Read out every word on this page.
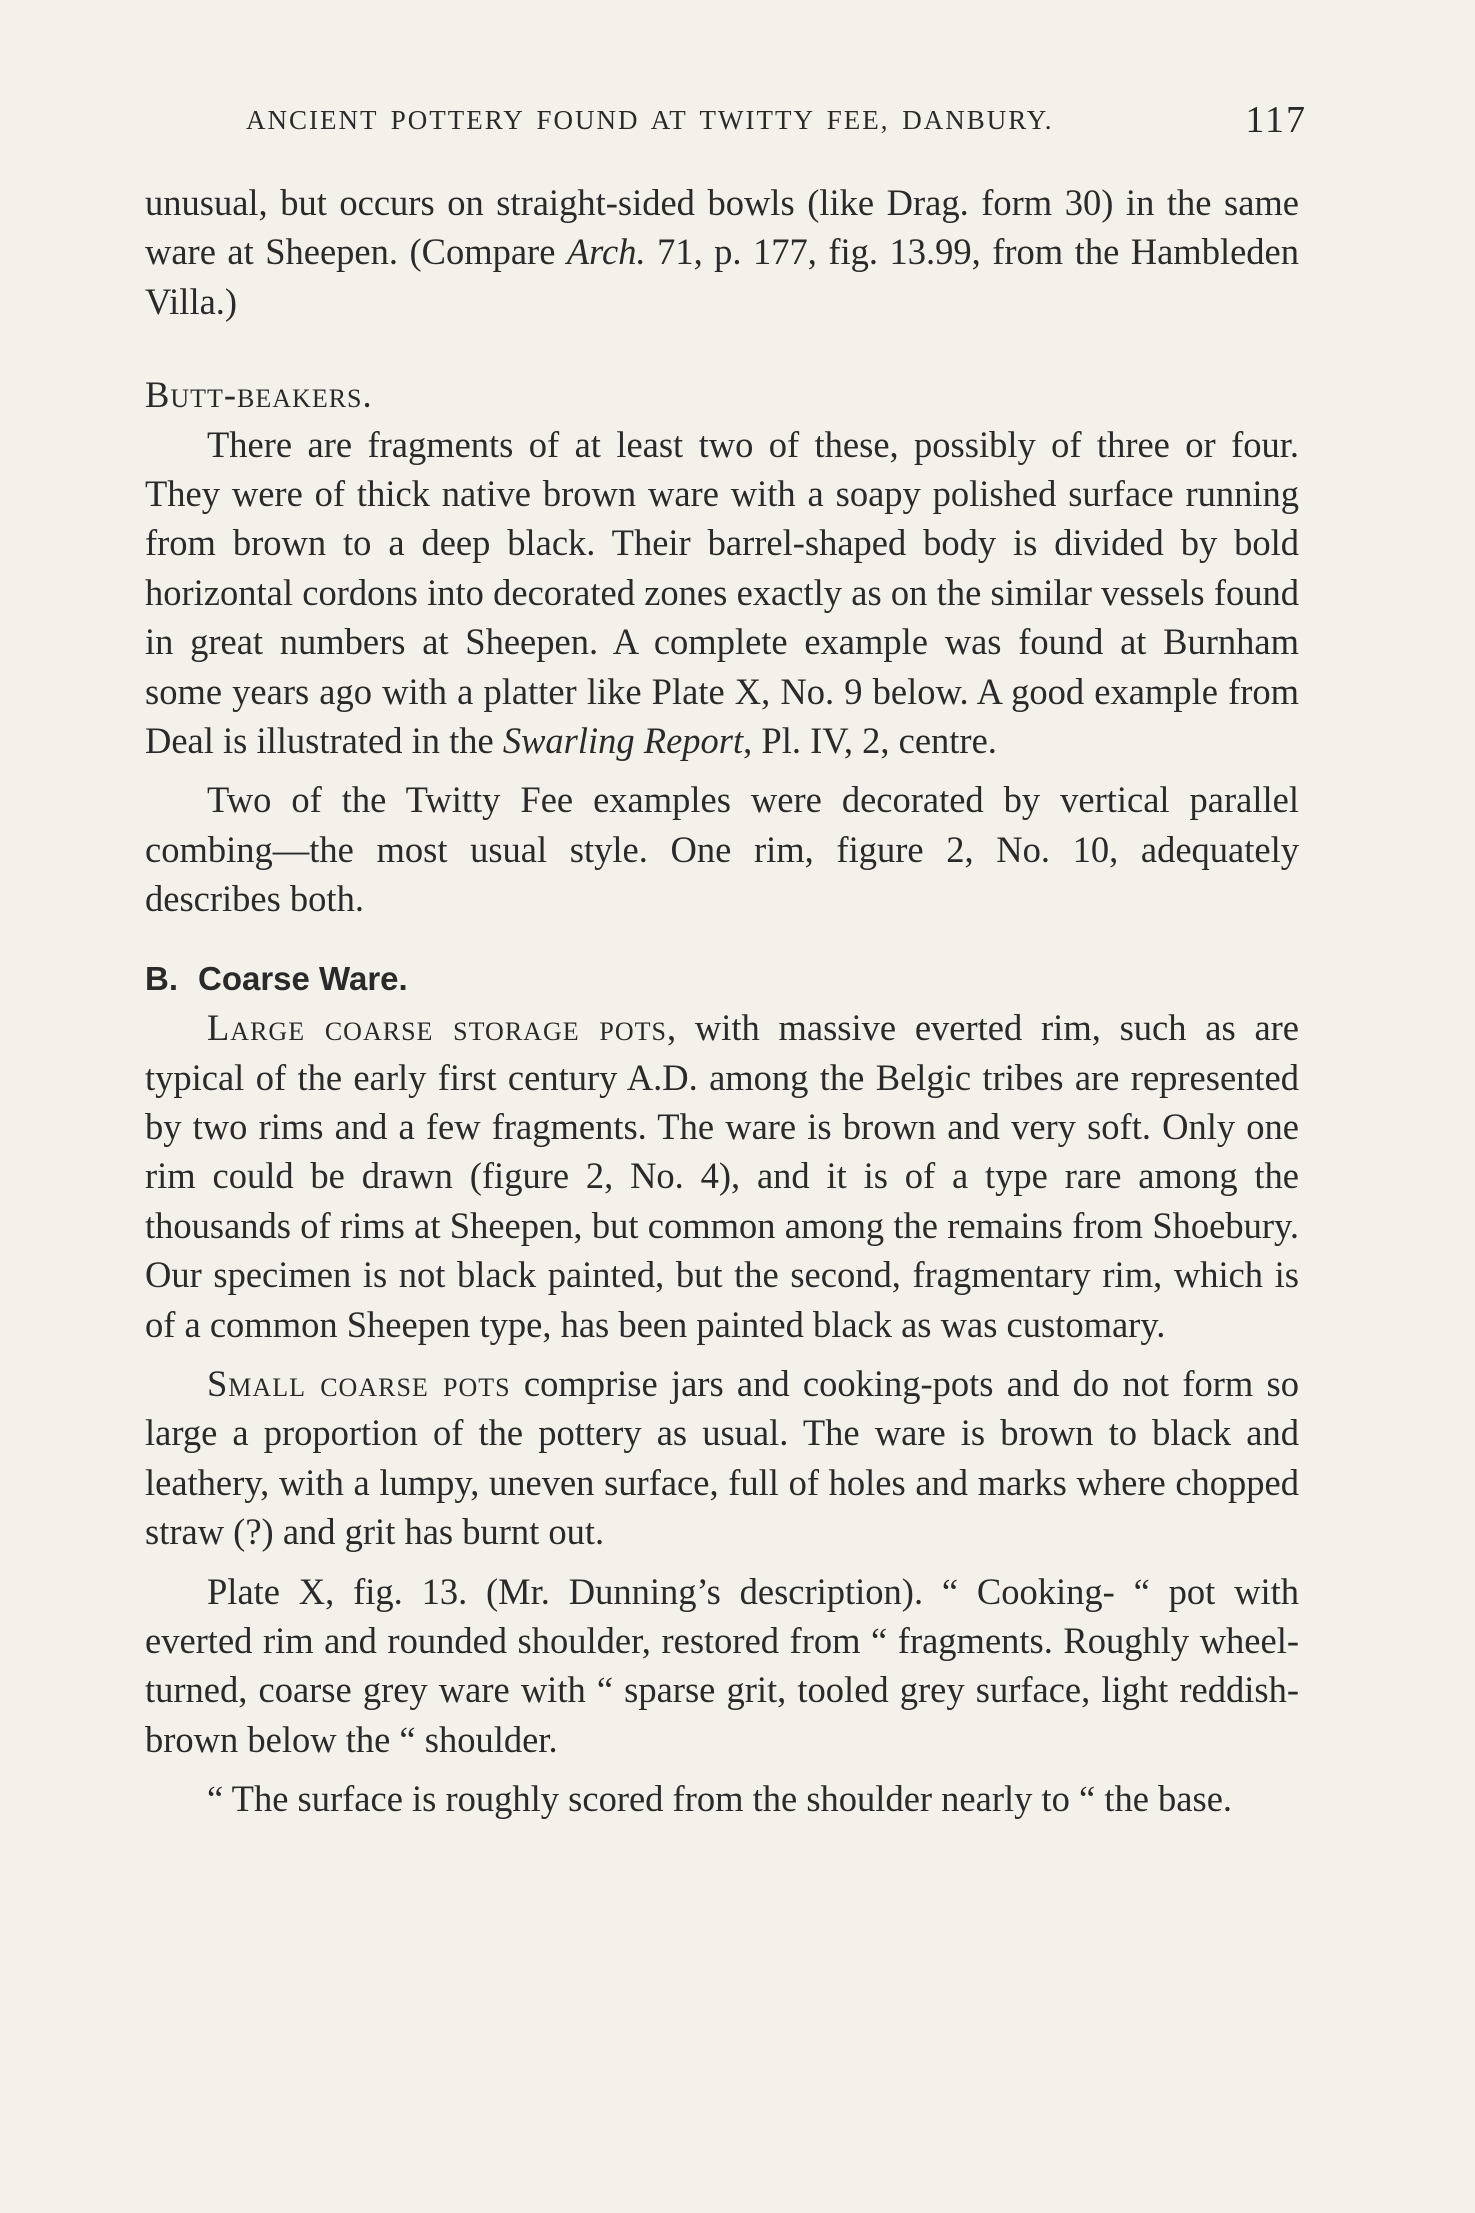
ANCIENT POTTERY FOUND AT TWITTY FEE, DANBURY.	117

unusual, but occurs on straight-sided bowls (like Drag. form 30) in the same ware at Sheepen. (Compare Arch. 71, p. 177, fig. 13.99, from the Hambleden Villa.)

Butt-beakers.

There are fragments of at least two of these, possibly of three or four. They were of thick native brown ware with a soapy polished surface running from brown to a deep black. Their barrel-shaped body is divided by bold horizontal cordons into decorated zones exactly as on the similar vessels found in great numbers at Sheepen. A complete example was found at Burnham some years ago with a platter like Plate X, No. 9 below. A good example from Deal is illustrated in the Swarling Report, Pl. IV, 2, centre.

Two of the Twitty Fee examples were decorated by vertical parallel combing—the most usual style. One rim, figure 2, No. 10, adequately describes both.

B. Coarse Ware.

Large coarse storage pots, with massive everted rim, such as are typical of the early first century A.D. among the Belgic tribes are represented by two rims and a few fragments. The ware is brown and very soft. Only one rim could be drawn (figure 2, No. 4), and it is of a type rare among the thousands of rims at Sheepen, but common among the remains from Shoebury. Our specimen is not black painted, but the second, fragmentary rim, which is of a common Sheepen type, has been painted black as was customary.

Small coarse pots comprise jars and cooking-pots and do not form so large a proportion of the pottery as usual. The ware is brown to black and leathery, with a lumpy, uneven surface, full of holes and marks where chopped straw (?) and grit has burnt out.

Plate X, fig. 13. (Mr. Dunning’s description). “ Cooking- “ pot with everted rim and rounded shoulder, restored from “ fragments. Roughly wheel-turned, coarse grey ware with “ sparse grit, tooled grey surface, light reddish-brown below the “ shoulder.

“ The surface is roughly scored from the shoulder nearly to “ the base.
